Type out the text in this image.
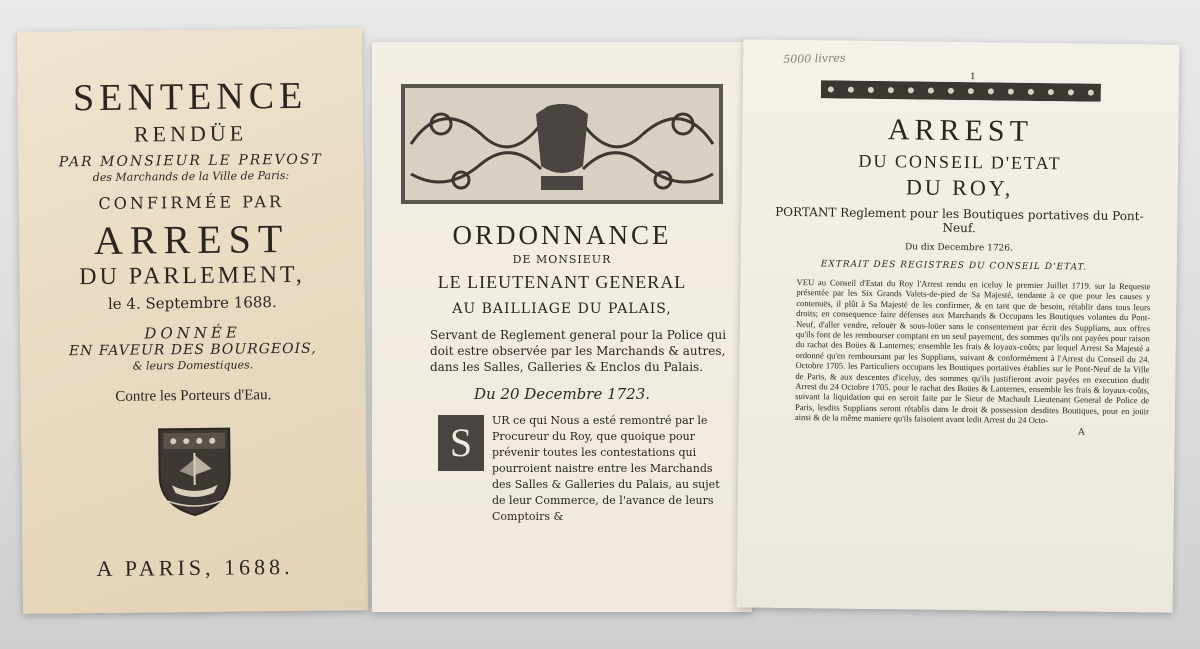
SENTENCE
RENDÜE
PAR MONSIEUR LE PREVOST
des Marchands de la Ville de Paris:
CONFIRMÉE PAR
ARREST
DU PARLEMENT,
le 4. Septembre 1688.
DONNÉE
EN FAVEUR DES BOURGEOIS,
& leurs Domestiques.
Contre les Porteurs d'Eau.
A PARIS, 1688.
ORDONNANCE
DE MONSIEUR
LE LIEUTENANT GENERAL
AU BAILLIAGE DU PALAIS,
Servant de Reglement general pour la Police qui doit estre observée par les Marchands & autres, dans les Salles, Galleries & Enclos du Palais.
Du 20 Decembre 1723.
S	UR ce qui Nous a esté remontré par le Procureur du Roy, que quoique pour prévenir toutes les contestations qui pourroient naistre entre les Marchands des Salles & Galleries du Palais, au sujet de leur Commerce, de l'avance de leurs Comptoirs &
5000 livres
1
ARREST
DU CONSEIL D'ETAT
DU ROY,
PORTANT Reglement pour les Boutiques portatives du Pont-Neuf.
Du dix Decembre 1726.
EXTRAIT DES REGISTRES DU CONSEIL D'ETAT.
VEU au Conseil d'Estat du Roy l'Arrest rendu en iceluy le premier Juillet 1719. sur la Requeste présentée par les Six Grands Valets-de-pied de Sa Majesté, tendante à ce que pour les causes y contenuës, il plût à Sa Majesté de les confirmer, & en tant que de besoin, rétablir dans tous leurs droits; en consequence faire défenses aux Marchands & Occupans les Boutiques volantes du Pont-Neuf, d'aller vendre, relouër & sous-loüer sans le consentement par écrit des Supplians, aux offres qu'ils font de les rembourser comptant en un seul payement, des sommes qu'ils ont payées pour raison du rachat des Boües & Lanternes; ensemble les frais & loyaux-coûts; par lequel Arrest Sa Majesté a ordonné qu'en remboursant par les Supplians, suivant & conformément à l'Arrest du Conseil du 24. Octobre 1705. les Particuliers occupans les Boutiques portatives établies sur le Pont-Neuf de la Ville de Paris, & aux descentes d'iceluy, des sommes qu'ils justifieront avoir payées en execution dudit Arrest du 24 Octobre 1705. pour le rachat des Boües & Lanternes, ensemble les frais & loyaux-coûts, suivant la liquidation qui en seroit faite par le Sieur de Machault Lieutenant General de Police de Paris, lesdits Supplians seront rétablis dans le droit & possession desdites Boutiques, pour en joüir ainsi & de la même maniere qu'ils faisoient avant ledit Arrest du 24 Octo-
A
